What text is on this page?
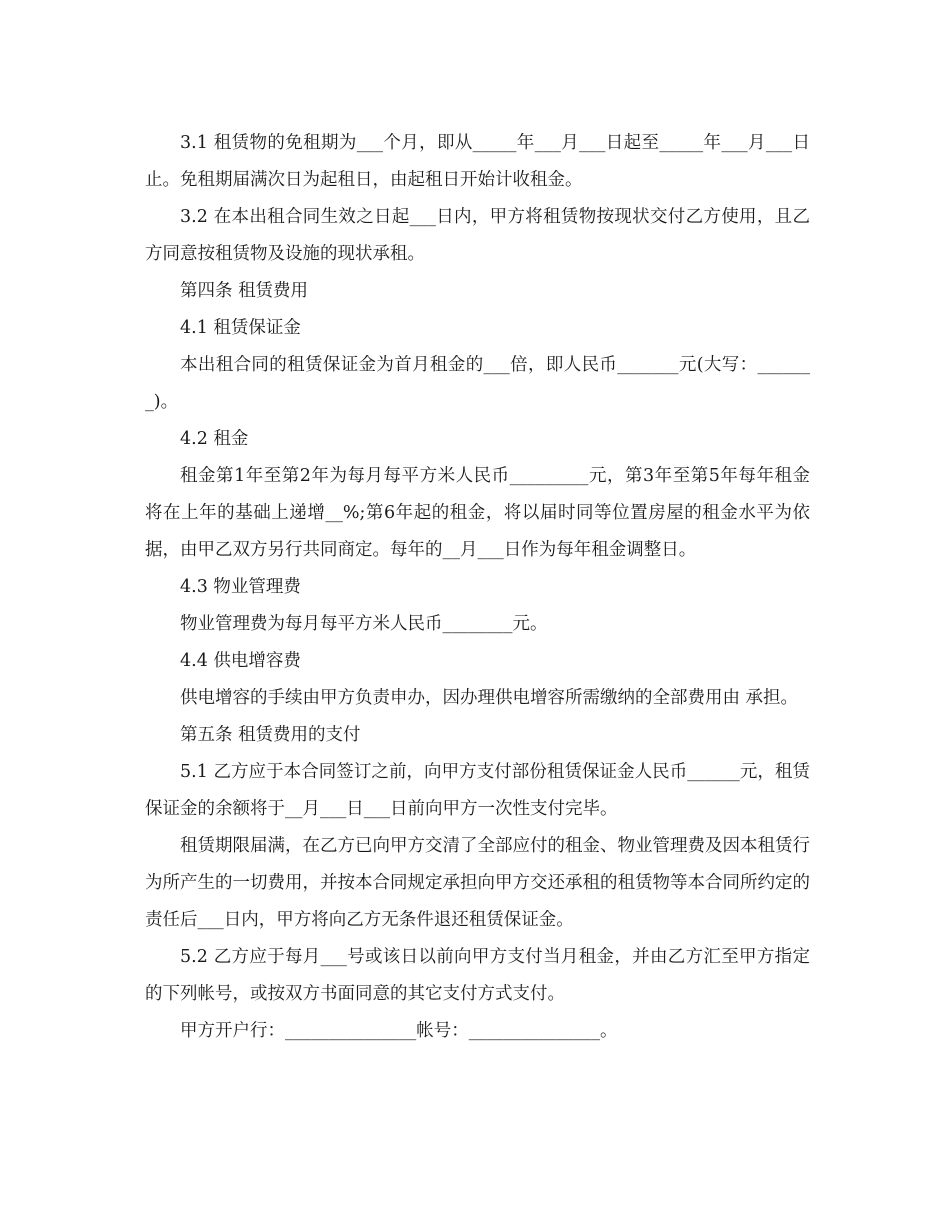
3.1 租赁物的免租期为___个月，即从_____年___月___日起至_____年___月___日止。免租期届满次日为起租日，由起租日开始计收租金。

3.2 在本出租合同生效之日起___日内，甲方将租赁物按现状交付乙方使用，且乙方同意按租赁物及设施的现状承租。

第四条 租赁费用

4.1 租赁保证金

本出租合同的租赁保证金为首月租金的___倍，即人民币_______元(大写：_______)。

4.2 租金

租金第1年至第2年为每月每平方米人民币_________元，第3年至第5年每年租金将在上年的基础上递增__%;第6年起的租金，将以届时同等位置房屋的租金水平为依据，由甲乙双方另行共同商定。每年的__月___日作为每年租金调整日。

4.3 物业管理费

物业管理费为每月每平方米人民币________元。

4.4 供电增容费

供电增容的手续由甲方负责申办，因办理供电增容所需缴纳的全部费用由 承担。

第五条 租赁费用的支付

5.1 乙方应于本合同签订之前，向甲方支付部份租赁保证金人民币______元，租赁保证金的余额将于__月___日___日前向甲方一次性支付完毕。

租赁期限届满，在乙方已向甲方交清了全部应付的租金、物业管理费及因本租赁行为所产生的一切费用，并按本合同规定承担向甲方交还承租的租赁物等本合同所约定的责任后___日内，甲方将向乙方无条件退还租赁保证金。

5.2 乙方应于每月___号或该日以前向甲方支付当月租金，并由乙方汇至甲方指定的下列帐号，或按双方书面同意的其它支付方式支付。

甲方开户行：_______________帐号：_______________。
